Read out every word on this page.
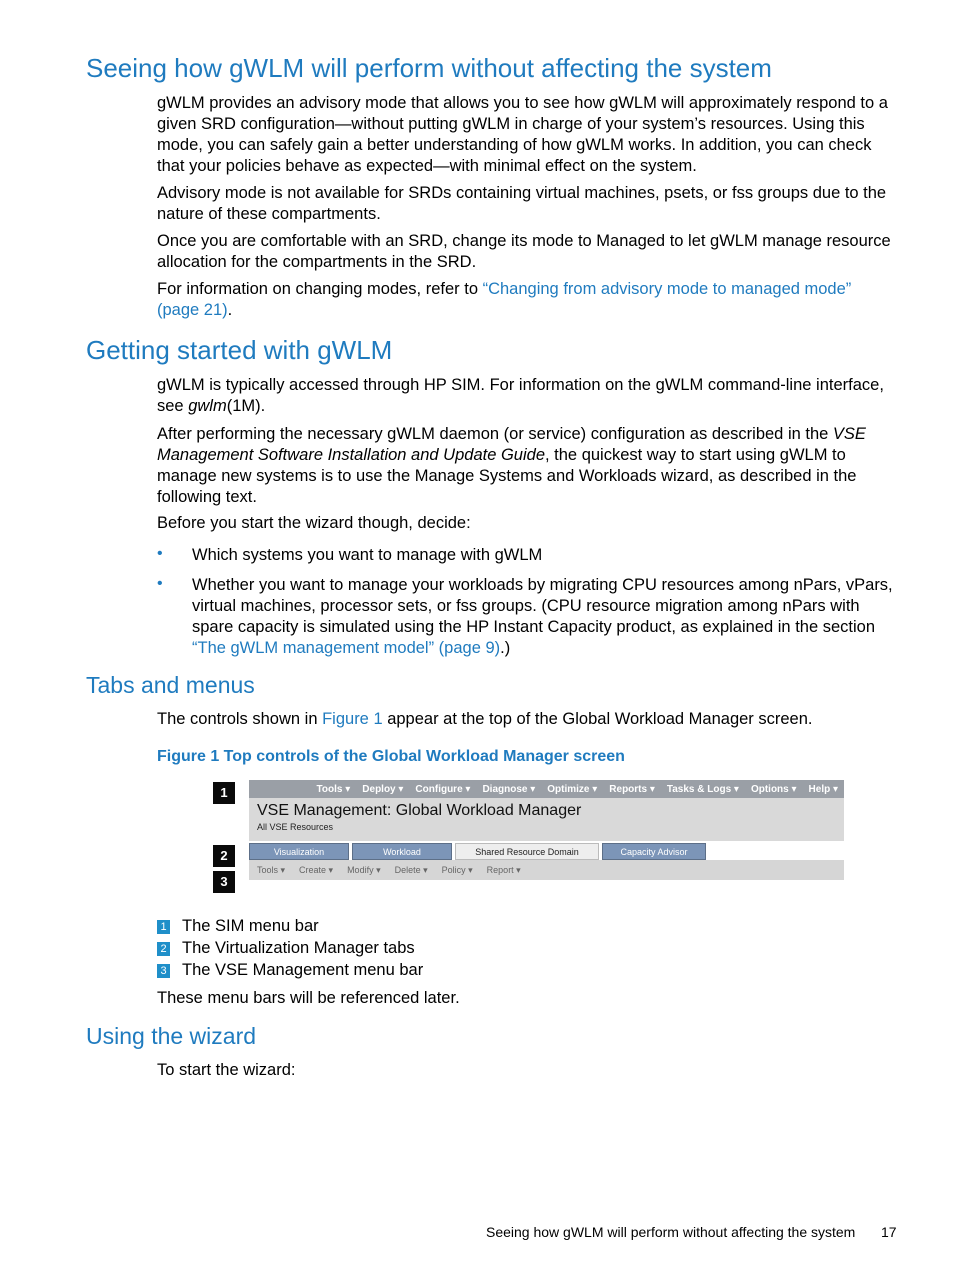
Seeing how gWLM will perform without affecting the system
gWLM provides an advisory mode that allows you to see how gWLM will approximately respond to a given SRD configuration—without putting gWLM in charge of your system’s resources. Using this mode, you can safely gain a better understanding of how gWLM works. In addition, you can check that your policies behave as expected—with minimal effect on the system.
Advisory mode is not available for SRDs containing virtual machines, psets, or fss groups due to the nature of these compartments.
Once you are comfortable with an SRD, change its mode to Managed to let gWLM manage resource allocation for the compartments in the SRD.
For information on changing modes, refer to “Changing from advisory mode to managed mode” (page 21).
Getting started with gWLM
gWLM is typically accessed through HP SIM. For information on the gWLM command-line interface, see gwlm(1M).
After performing the necessary gWLM daemon (or service) configuration as described in the VSE Management Software Installation and Update Guide, the quickest way to start using gWLM to manage new systems is to use the Manage Systems and Workloads wizard, as described in the following text.
Before you start the wizard though, decide:
• Which systems you want to manage with gWLM
• Whether you want to manage your workloads by migrating CPU resources among nPars, vPars, virtual machines, processor sets, or fss groups. (CPU resource migration among nPars with spare capacity is simulated using the HP Instant Capacity product, as explained in the section “The gWLM management model” (page 9).)
Tabs and menus
The controls shown in Figure 1 appear at the top of the Global Workload Manager screen.
Figure 1 Top controls of the Global Workload Manager screen
1
2
3
Tools ▾ Deploy ▾ Configure ▾ Diagnose ▾ Optimize ▾ Reports ▾ Tasks & Logs ▾ Options ▾ Help ▾
VSE Management: Global Workload Manager
All VSE Resources
Visualization	Workload	Shared Resource Domain	Capacity Advisor
Tools ▾ Create ▾ Modify ▾ Delete ▾ Policy ▾ Report ▾
1 The SIM menu bar
2 The Virtualization Manager tabs
3 The VSE Management menu bar
These menu bars will be referenced later.
Using the wizard
To start the wizard:
Seeing how gWLM will perform without affecting the system 17
